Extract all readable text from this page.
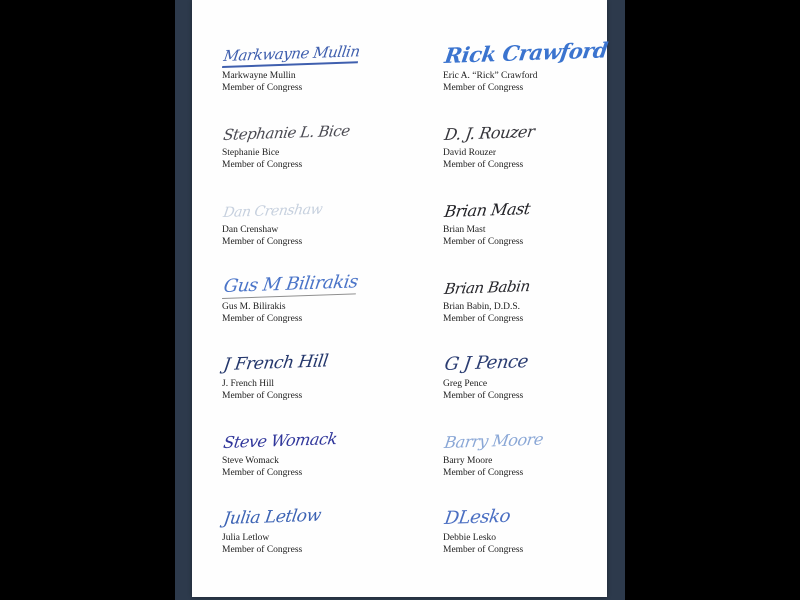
Markwayne Mullin
Markwayne Mullin
Member of Congress
Rick Crawford
Eric A. “Rick” Crawford
Member of Congress
Stephanie L. Bice
Stephanie Bice
Member of Congress
D. J. Rouzer
David Rouzer
Member of Congress
Dan Crenshaw
Dan Crenshaw
Member of Congress
Brian Mast
Brian Mast
Member of Congress
Gus M Bilirakis
Gus M. Bilirakis
Member of Congress
Brian Babin
Brian Babin, D.D.S.
Member of Congress
J French Hill
J. French Hill
Member of Congress
G J Pence
Greg Pence
Member of Congress
Steve Womack
Steve Womack
Member of Congress
Barry Moore
Barry Moore
Member of Congress
Julia Letlow
Julia Letlow
Member of Congress
DLesko
Debbie Lesko
Member of Congress
